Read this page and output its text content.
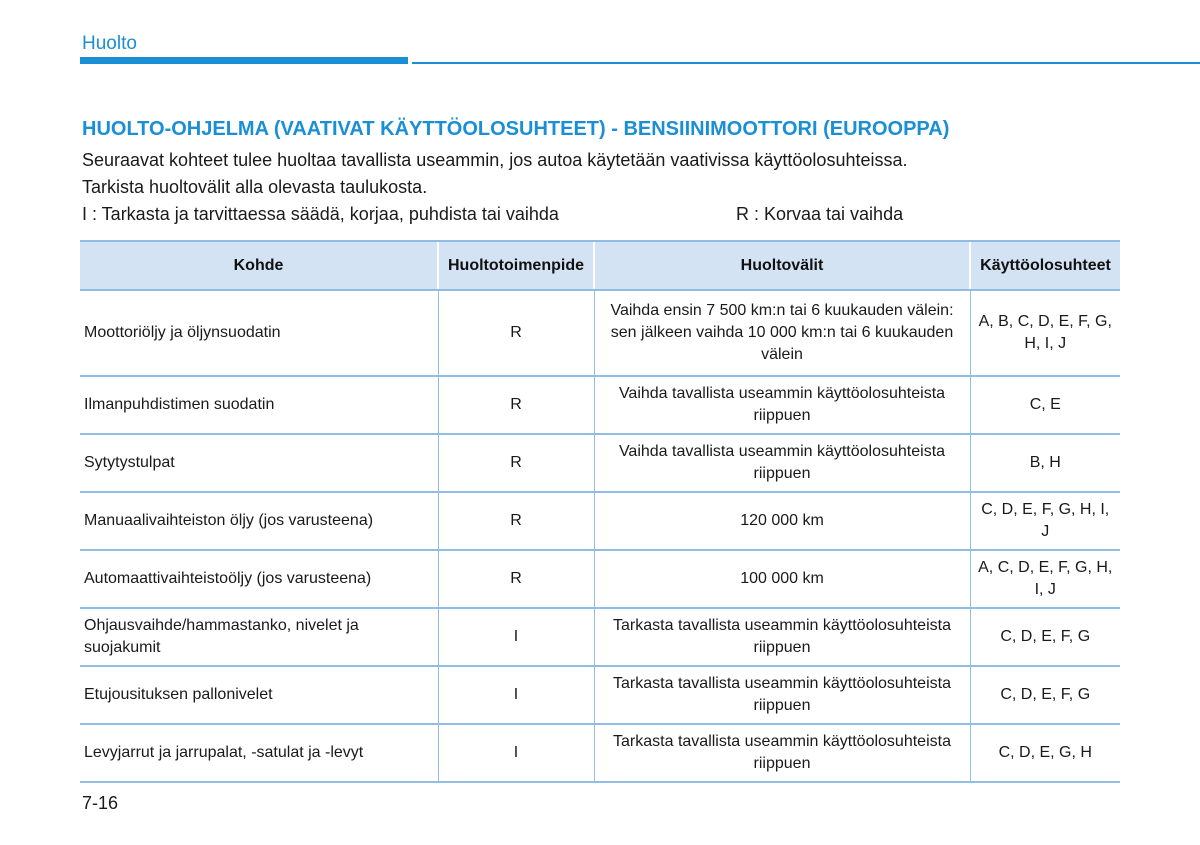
Huolto
HUOLTO-OHJELMA (VAATIVAT KÄYTTÖOLOSUHTEET) - BENSIINIMOOTTORI (EUROOPPA)
Seuraavat kohteet tulee huoltaa tavallista useammin, jos autoa käytetään vaativissa käyttöolosuhteissa.
Tarkista huoltovälit alla olevasta taulukosta.
I : Tarkasta ja tarvittaessa säädä, korjaa, puhdista tai vaihda	R : Korvaa tai vaihda
Kohde	Huoltotoimenpide	Huoltovälit	Käyttöolosuhteet
Moottoriöljy ja öljynsuodatin	R	Vaihda ensin 7 500 km:n tai 6 kuukauden välein: sen jälkeen vaihda 10 000 km:n tai 6 kuukauden välein	A, B, C, D, E, F, G, H, I, J
Ilmanpuhdistimen suodatin	R	Vaihda tavallista useammin käyttöolosuhteista riippuen	C, E
Sytytystulpat	R	Vaihda tavallista useammin käyttöolosuhteista riippuen	B, H
Manuaalivaihteiston öljy (jos varusteena)	R	120 000 km	C, D, E, F, G, H, I, J
Automaattivaihteistoöljy (jos varusteena)	R	100 000 km	A, C, D, E, F, G, H, I, J
Ohjausvaihde/hammastanko, nivelet ja suojakumit	I	Tarkasta tavallista useammin käyttöolosuhteista riippuen	C, D, E, F, G
Etujousituksen pallonivelet	I	Tarkasta tavallista useammin käyttöolosuhteista riippuen	C, D, E, F, G
Levyjarrut ja jarrupalat, -satulat ja -levyt	I	Tarkasta tavallista useammin käyttöolosuhteista riippuen	C, D, E, G, H
7-16
